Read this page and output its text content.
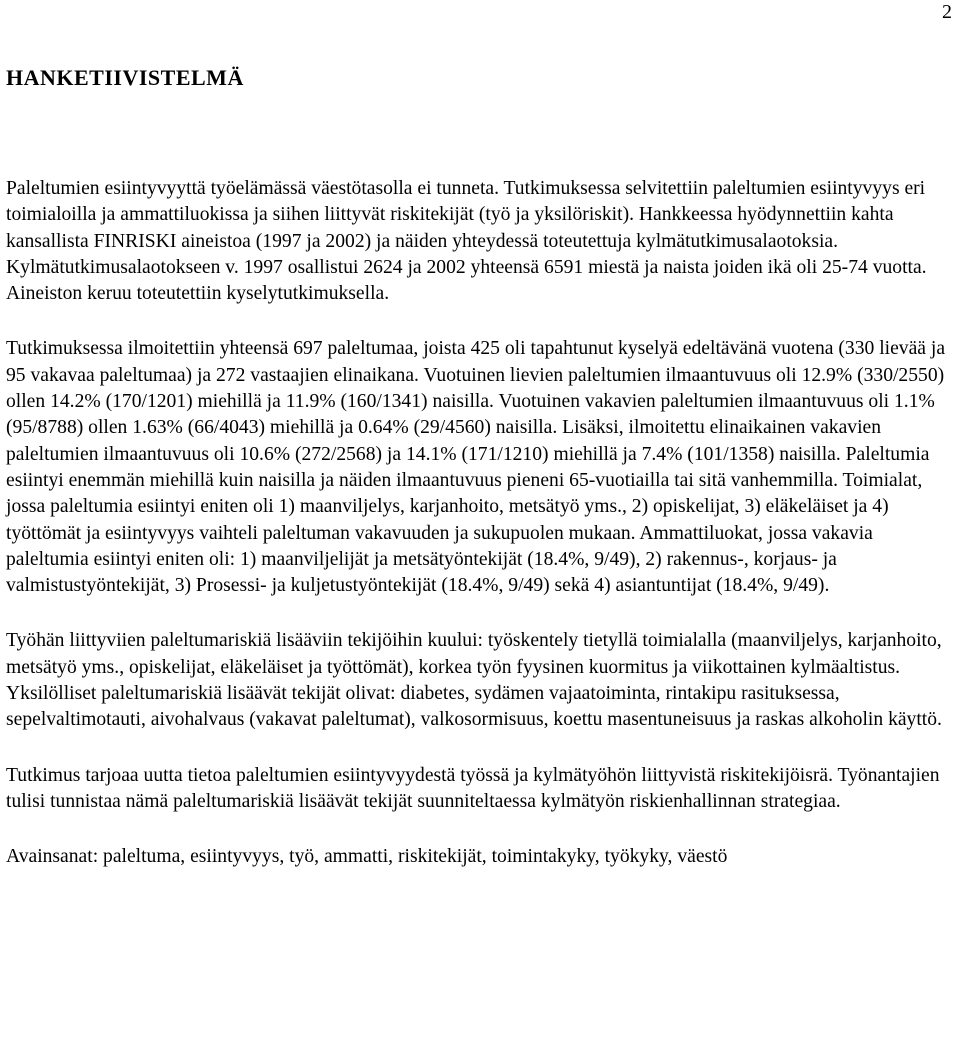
2
HANKETIIVISTELMÄ

Paleltumien esiintyvyyttä työelämässä väestötasolla ei tunneta. Tutkimuksessa selvitettiin paleltumien esiintyvyys eri toimialoilla ja ammattiluokissa ja siihen liittyvät riskitekijät (työ ja yksilöriskit). Hankkeessa hyödynnettiin kahta kansallista FINRISKI aineistoa (1997 ja 2002) ja näiden yhteydessä toteutettuja kylmätutkimusalaotoksia. Kylmätutkimusalaotokseen v. 1997 osallistui 2624 ja 2002 yhteensä 6591 miestä ja naista joiden ikä oli 25-74 vuotta. Aineiston keruu toteutettiin kyselytutkimuksella.

Tutkimuksessa ilmoitettiin yhteensä 697 paleltumaa, joista 425 oli tapahtunut kyselyä edeltävänä vuotena (330 lievää ja 95 vakavaa paleltumaa) ja 272 vastaajien elinaikana. Vuotuinen lievien paleltumien ilmaantuvuus oli 12.9% (330/2550) ollen 14.2% (170/1201) miehillä ja 11.9% (160/1341) naisilla. Vuotuinen vakavien paleltumien ilmaantuvuus oli 1.1% (95/8788) ollen 1.63% (66/4043) miehillä ja 0.64% (29/4560) naisilla. Lisäksi, ilmoitettu elinaikainen vakavien paleltumien ilmaantuvuus oli 10.6% (272/2568) ja 14.1% (171/1210) miehillä ja 7.4% (101/1358) naisilla. Paleltumia esiintyi enemmän miehillä kuin naisilla ja näiden ilmaantuvuus pieneni 65-vuotiailla tai sitä vanhemmilla. Toimialat, jossa paleltumia esiintyi eniten oli 1) maanviljelys, karjanhoito, metsätyö yms., 2) opiskelijat, 3) eläkeläiset ja 4) työttömät ja esiintyvyys vaihteli paleltuman vakavuuden ja sukupuolen mukaan. Ammattiluokat, jossa vakavia paleltumia esiintyi eniten oli: 1) maanviljelijät ja metsätyöntekijät (18.4%, 9/49), 2) rakennus-, korjaus- ja valmistustyöntekijät, 3) Prosessi- ja kuljetustyöntekijät (18.4%, 9/49) sekä 4) asiantuntijat (18.4%, 9/49).

Työhän liittyviien paleltumariskiä lisääviin tekijöihin kuului: työskentely tietyllä toimialalla (maanviljelys, karjanhoito, metsätyö yms., opiskelijat, eläkeläiset ja työttömät), korkea työn fyysinen kuormitus ja viikottainen kylmäaltistus. Yksilölliset paleltumariskiä lisäävät tekijät olivat: diabetes, sydämen vajaatoiminta, rintakipu rasituksessa, sepelvaltimotauti, aivohalvaus (vakavat paleltumat), valkosormisuus, koettu masentuneisuus ja raskas alkoholin käyttö.

Tutkimus tarjoaa uutta tietoa paleltumien esiintyvyydestä työssä ja kylmätyöhön liittyvistä riskitekijöisrä. Työnantajien tulisi tunnistaa nämä paleltumariskiä lisäävät tekijät suunniteltaessa kylmätyön riskienhallinnan strategiaa.

Avainsanat: paleltuma, esiintyvyys, työ, ammatti, riskitekijät, toimintakyky, työkyky, väestö
